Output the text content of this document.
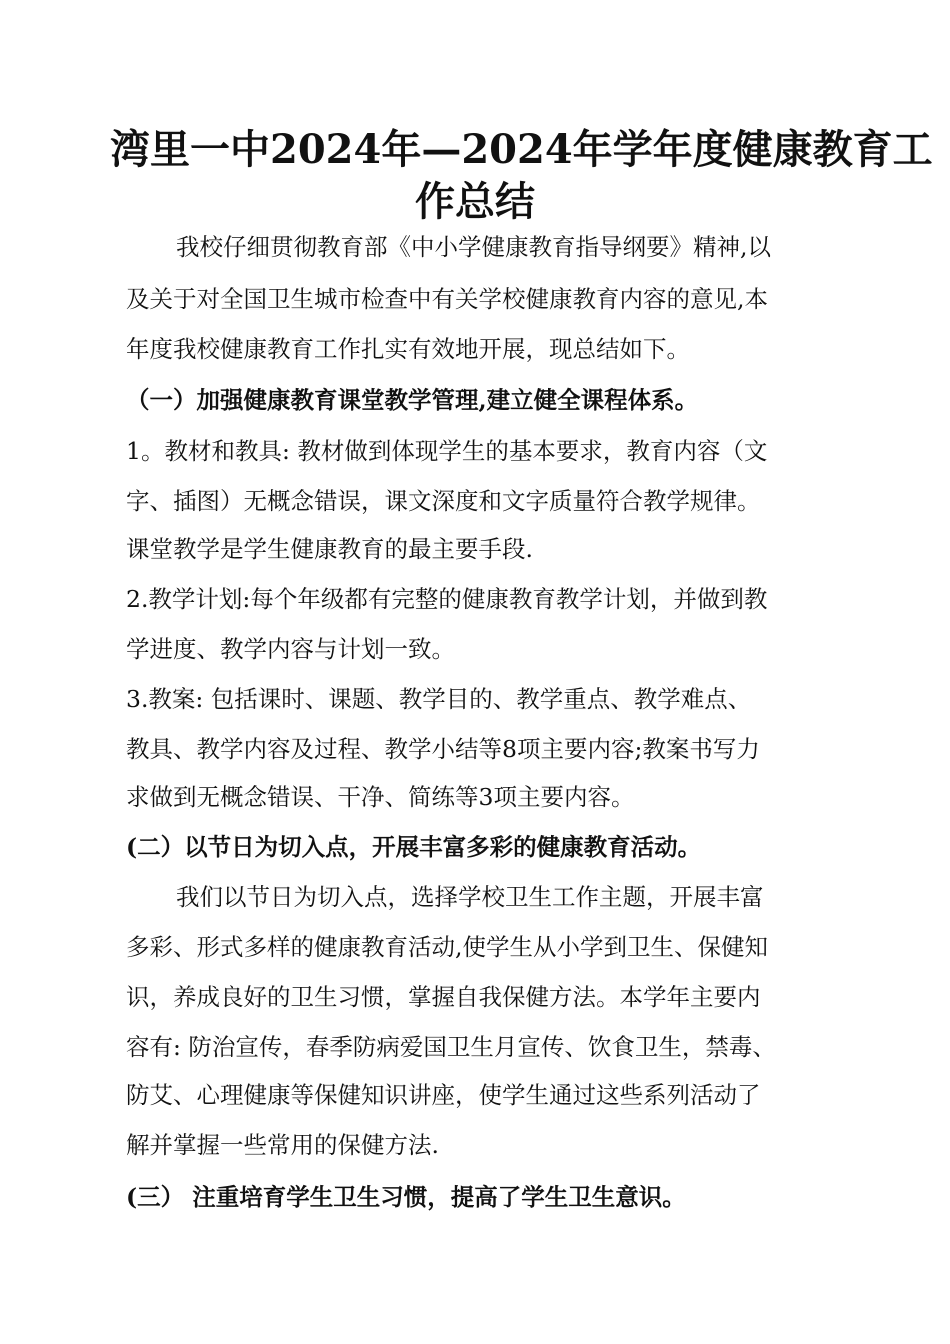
湾里一中2024年—2024年学年度健康教育工
作总结
我校仔细贯彻教育部《中小学健康教育指导纲要》精神,以
及关于对全国卫生城市检查中有关学校健康教育内容的意见,本
年度我校健康教育工作扎实有效地开展，现总结如下。
（一）加强健康教育课堂教学管理,建立健全课程体系。
1。教材和教具: 教材做到体现学生的基本要求，教育内容（文
字、插图）无概念错误，课文深度和文字质量符合教学规律。
课堂教学是学生健康教育的最主要手段.
2.教学计划:每个年级都有完整的健康教育教学计划，并做到教
学进度、教学内容与计划一致。
3.教案: 包括课时、课题、教学目的、教学重点、教学难点、
教具、教学内容及过程、教学小结等8项主要内容;教案书写力
求做到无概念错误、干净、简练等3项主要内容。
(二）以节日为切入点，开展丰富多彩的健康教育活动。
我们以节日为切入点，选择学校卫生工作主题，开展丰富
多彩、形式多样的健康教育活动,使学生从小学到卫生、保健知
识，养成良好的卫生习惯，掌握自我保健方法。本学年主要内
容有: 防治宣传，春季防病爱国卫生月宣传、饮食卫生，禁毒、
防艾、心理健康等保健知识讲座，使学生通过这些系列活动了
解并掌握一些常用的保健方法.
(三） 注重培育学生卫生习惯，提高了学生卫生意识。
